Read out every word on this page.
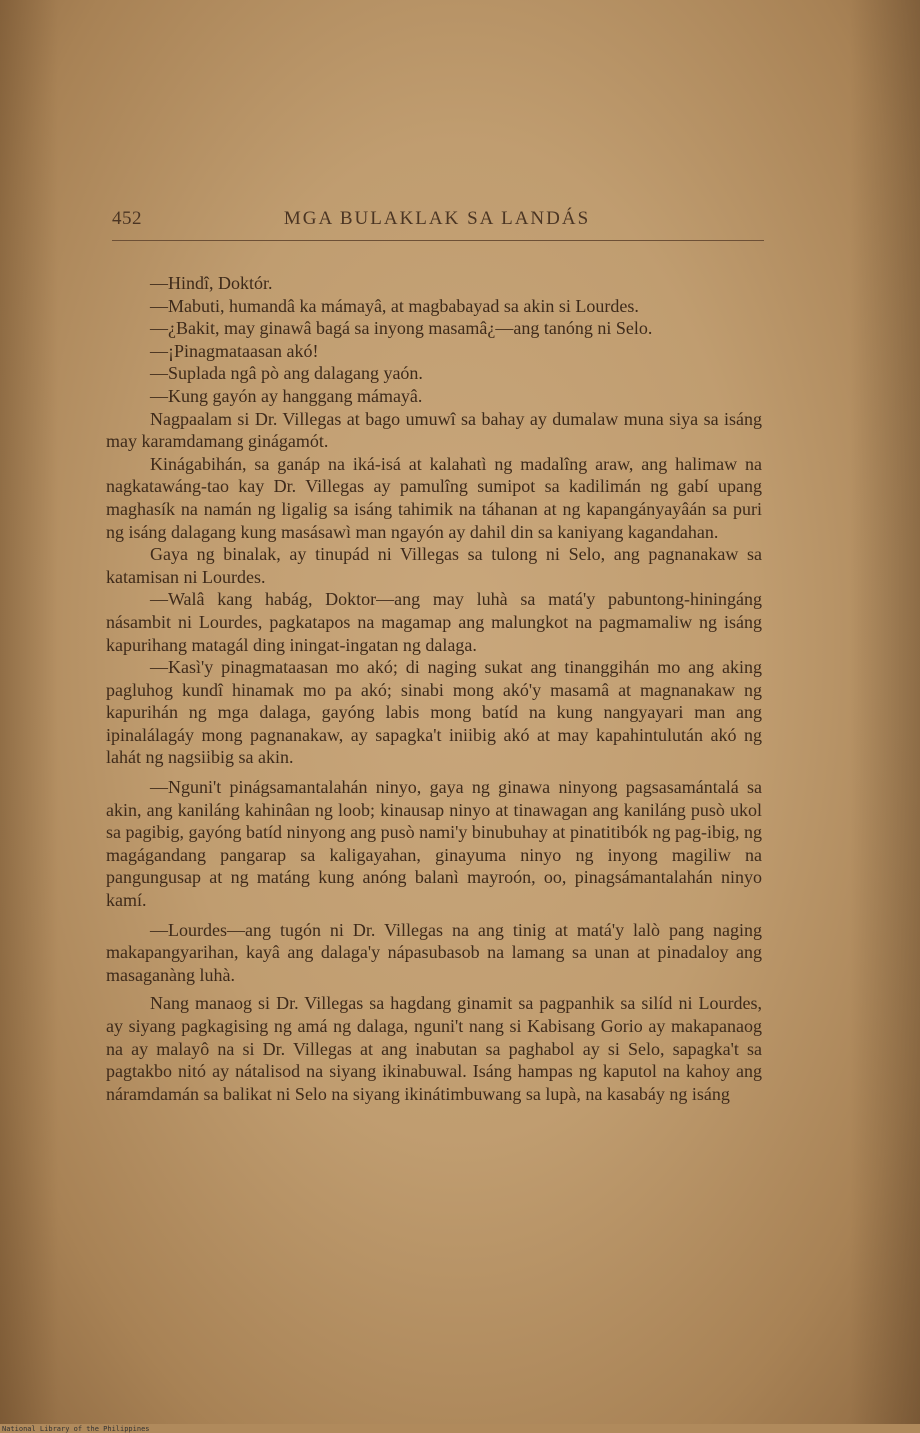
452	MGA BULAKLAK SA LANDÁS

—Hindî, Doktór.

—Mabuti, humandâ ka mámayâ, at magbabayad sa akin si Lourdes.

—¿Bakit, may ginawâ bagá sa inyong masamâ¿—ang tanóng ni Selo.

—¡Pinagmataasan akó!

—Suplada ngâ pò ang dalagang yaón.

—Kung gayón ay hanggang mámayâ.

Nagpaalam si Dr. Villegas at bago umuwî sa bahay ay dumalaw muna siya sa isáng may karamdamang ginágamót.

Kinágabihán, sa ganáp na iká-isá at kalahatì ng madalîng araw, ang halimaw na nagkatawáng-tao kay Dr. Villegas ay pamulîng sumipot sa kadilimán ng gabí upang maghasík na namán ng ligalig sa isáng tahimik na táhanan at ng kapangányayâán sa puri ng isáng dalagang kung masásawì man ngayón ay dahil din sa kaniyang kagandahan.

Gaya ng binalak, ay tinupád ni Villegas sa tulong ni Selo, ang pagnanakaw sa katamisan ni Lourdes.

—Walâ kang habág, Doktor—ang may luhà sa matá'y pabuntong-hiningáng násambit ni Lourdes, pagkatapos na magamap ang malungkot na pagmamaliw ng isáng kapurihang matagál ding iningat-ingatan ng dalaga.

—Kasì'y pinagmataasan mo akó; di naging sukat ang tinanggihán mo ang aking pagluhog kundî hinamak mo pa akó; sinabi mong akó'y masamâ at magnanakaw ng kapurihán ng mga dalaga, gayóng labis mong batíd na kung nangyayari man ang ipinalálagáy mong pagnanakaw, ay sapagka't iniibig akó at may kapahintulután akó ng lahát ng nagsiibig sa akin.

—Nguni't pinágsamantalahán ninyo, gaya ng ginawa ninyong pagsasamántalá sa akin, ang kaniláng kahinâan ng loob; kinausap ninyo at tinawagan ang kaniláng pusò ukol sa pagibig, gayóng batíd ninyong ang pusò nami'y binubuhay at pinatitibók ng pag-ibig, ng magágandang pangarap sa kaligayahan, ginayuma ninyo ng inyong magiliw na pangungusap at ng matáng kung anóng balanì mayroón, oo, pinagsámantalahán ninyo kamí.

—Lourdes—ang tugón ni Dr. Villegas na ang tinig at matá'y lalò pang naging makapangyarihan, kayâ ang dalaga'y nápasubasob na lamang sa unan at pinadaloy ang masaganàng luhà.

Nang manaog si Dr. Villegas sa hagdang ginamit sa pagpanhik sa silíd ni Lourdes, ay siyang pagkagising ng amá ng dalaga, nguni't nang si Kabisang Gorio ay makapanaog na ay malayô na si Dr. Villegas at ang inabutan sa paghabol ay si Selo, sapagka't sa pagtakbo nitó ay nátalisod na siyang ikinabuwal. Isáng hampas ng kaputol na kahoy ang náramdamán sa balikat ni Selo na siyang ikinátimbuwang sa lupà, na kasabáy ng isáng

National Library of the Philippines
